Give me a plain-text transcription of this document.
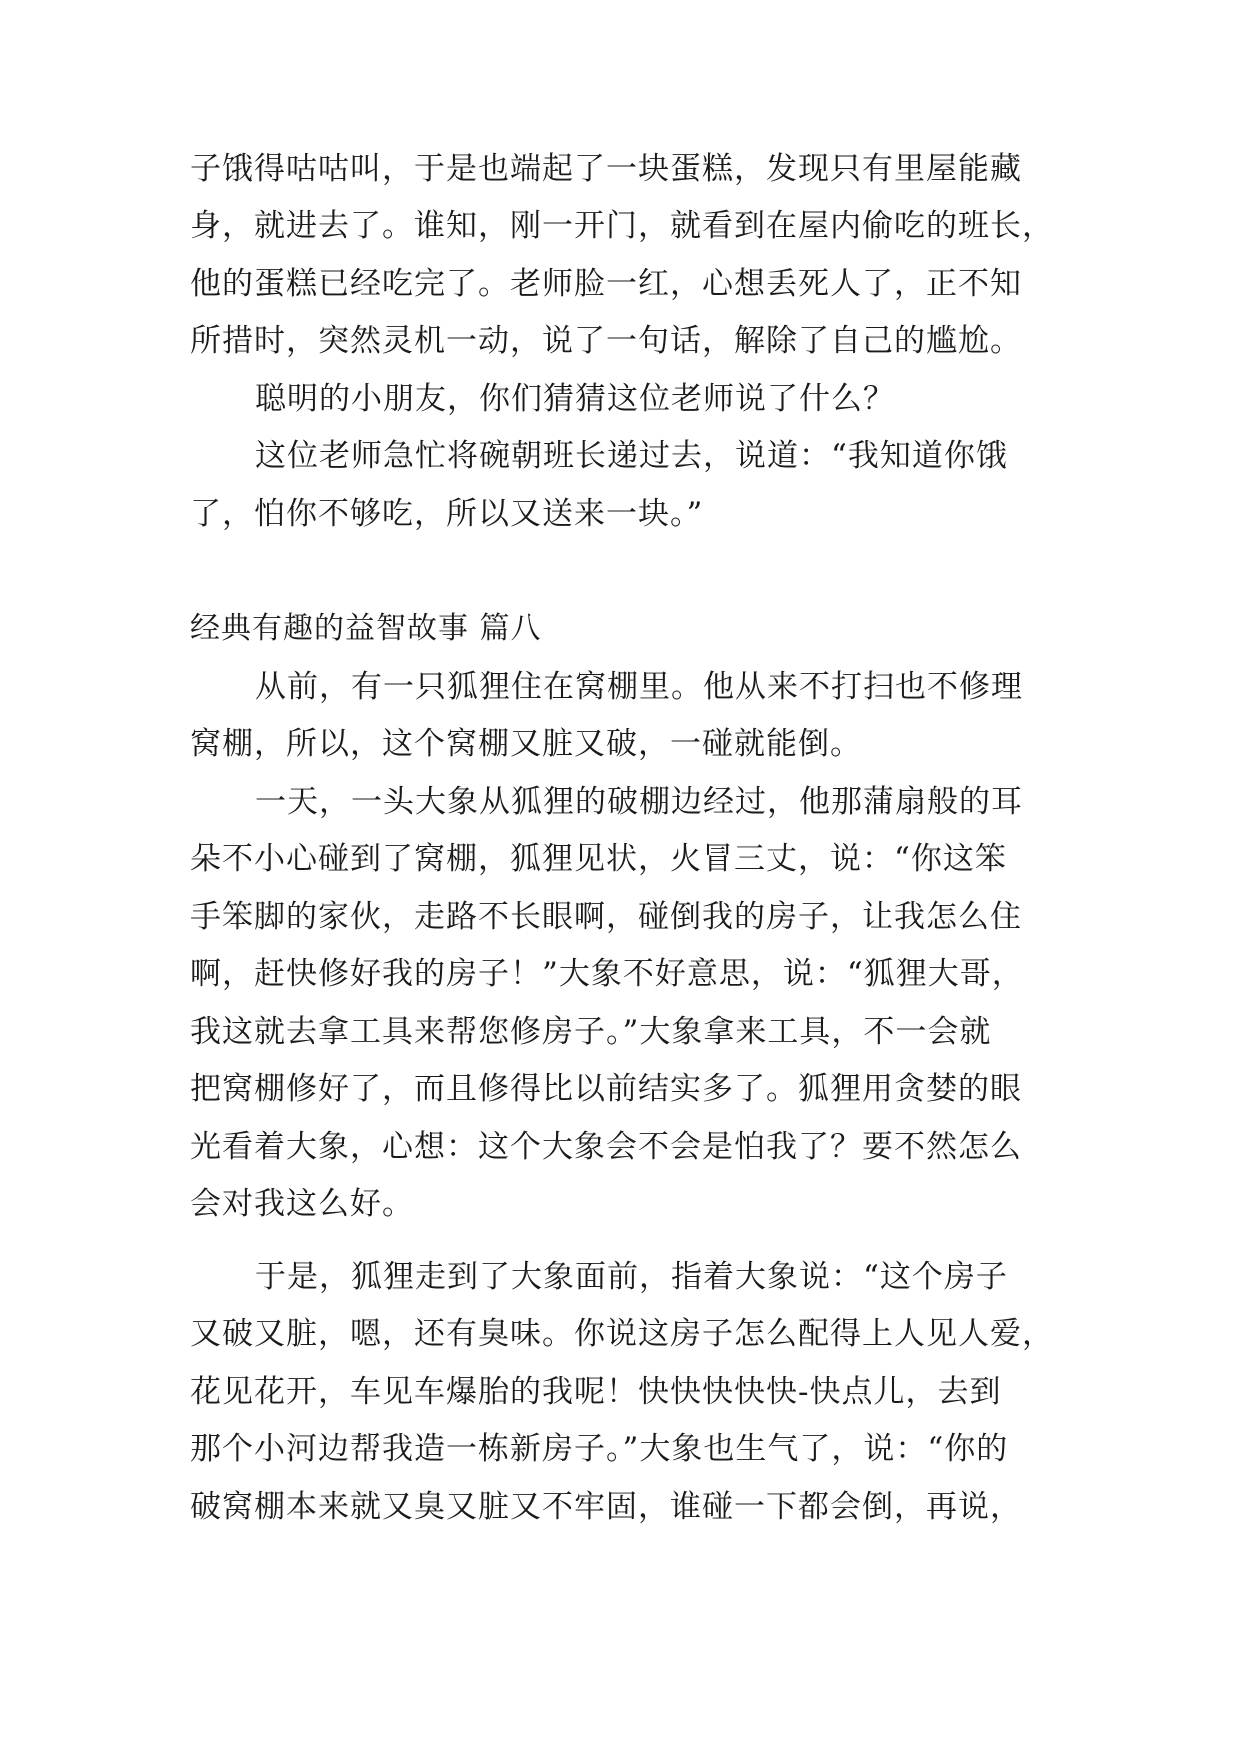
子饿得咕咕叫，于是也端起了一块蛋糕，发现只有里屋能藏
身，就进去了。谁知，刚一开门，就看到在屋内偷吃的班长，
他的蛋糕已经吃完了。老师脸一红，心想丢死人了，正不知
所措时，突然灵机一动，说了一句话，解除了自己的尴尬。
聪明的小朋友，你们猜猜这位老师说了什么？
这位老师急忙将碗朝班长递过去，说道：“我知道你饿
了，怕你不够吃，所以又送来一块。”
经典有趣的益智故事 篇八
从前，有一只狐狸住在窝棚里。他从来不打扫也不修理
窝棚，所以，这个窝棚又脏又破，一碰就能倒。
一天，一头大象从狐狸的破棚边经过，他那蒲扇般的耳
朵不小心碰到了窝棚，狐狸见状，火冒三丈，说：“你这笨
手笨脚的家伙，走路不长眼啊，碰倒我的房子，让我怎么住
啊，赶快修好我的房子！”大象不好意思，说：“狐狸大哥，
我这就去拿工具来帮您修房子。”大象拿来工具，不一会就
把窝棚修好了，而且修得比以前结实多了。狐狸用贪婪的眼
光看着大象，心想：这个大象会不会是怕我了？要不然怎么
会对我这么好。
于是，狐狸走到了大象面前，指着大象说：“这个房子
又破又脏，嗯，还有臭味。你说这房子怎么配得上人见人爱，
花见花开，车见车爆胎的我呢！快快快快快-快点儿，去到
那个小河边帮我造一栋新房子。”大象也生气了，说：“你的
破窝棚本来就又臭又脏又不牢固，谁碰一下都会倒，再说，
